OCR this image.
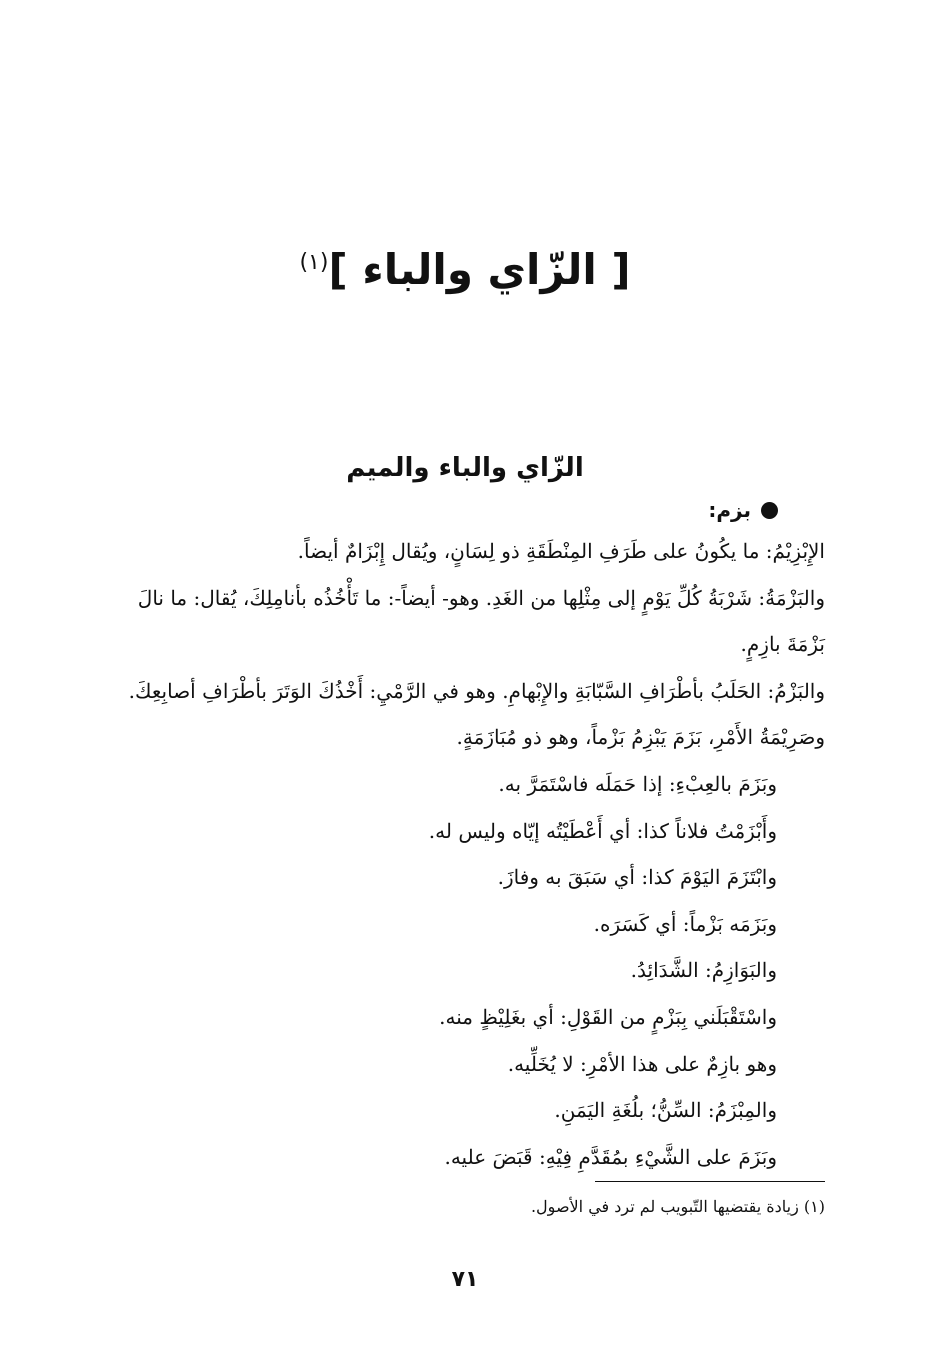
[ الزّاي والباء ]$^{(١)}$
الزّاي والباء والميم
بزم:

الإِبْزِيْمُ: ما يكُونُ على طَرَفِ المِنْطَقَةِ ذو لِسَانٍ، ويُقال إِبْزَامٌ أيضاً.

والبَزْمَةُ: شَرْبَةُ كُلِّ يَوْمٍ إلى مِثْلِها من الغَدِ. وهو- أيضاً-: ما تَأْخُذُه بأنامِلِكَ، يُقال: ما نالَ بَزْمَةَ بازِمٍ.

والبَزْمُ: الحَلَبُ بأطْرَافِ السَّبّابَةِ والإِبْهامِ. وهو في الرَّمْيِ: أَخْذُكَ الوَتَرَ بأطْرَافِ أصابِعِكَ. وصَرِيْمَةُ الأَمْرِ، بَزَمَ يَبْزِمُ بَزْماً، وهو ذو مُبَازَمَةٍ.

وبَزَمَ بالعِبْءِ: إذا حَمَلَه فاسْتَمَرَّ به.

وأَبْزَمْتُ فلاناً كذا: أي أَعْطَيْتُه إيّاه وليس له.

وابْتَزَمَ اليَوْمَ كذا: أي سَبَقَ به وفازَ.

وبَزَمَه بَزْماً: أي كَسَرَه.

والبَوَازِمُ: الشَّدَائِدُ.

واسْتَقْبَلَني بِبَزْمٍ من القَوْلِ: أي بغَلِيْظٍ منه.

وهو بازِمٌ على هذا الأمْرِ: لا يُخَلِّيه.

والمِبْزَمُ: السِّنُّ؛ بلُغَةِ اليَمَنِ.

وبَزَمَ على الشَّيْءِ بمُقَدَّمِ فِيْهِ: قَبَضَ عليه.

(١) زيادة يقتضيها التّبويب لم ترد في الأصول.
٧١
